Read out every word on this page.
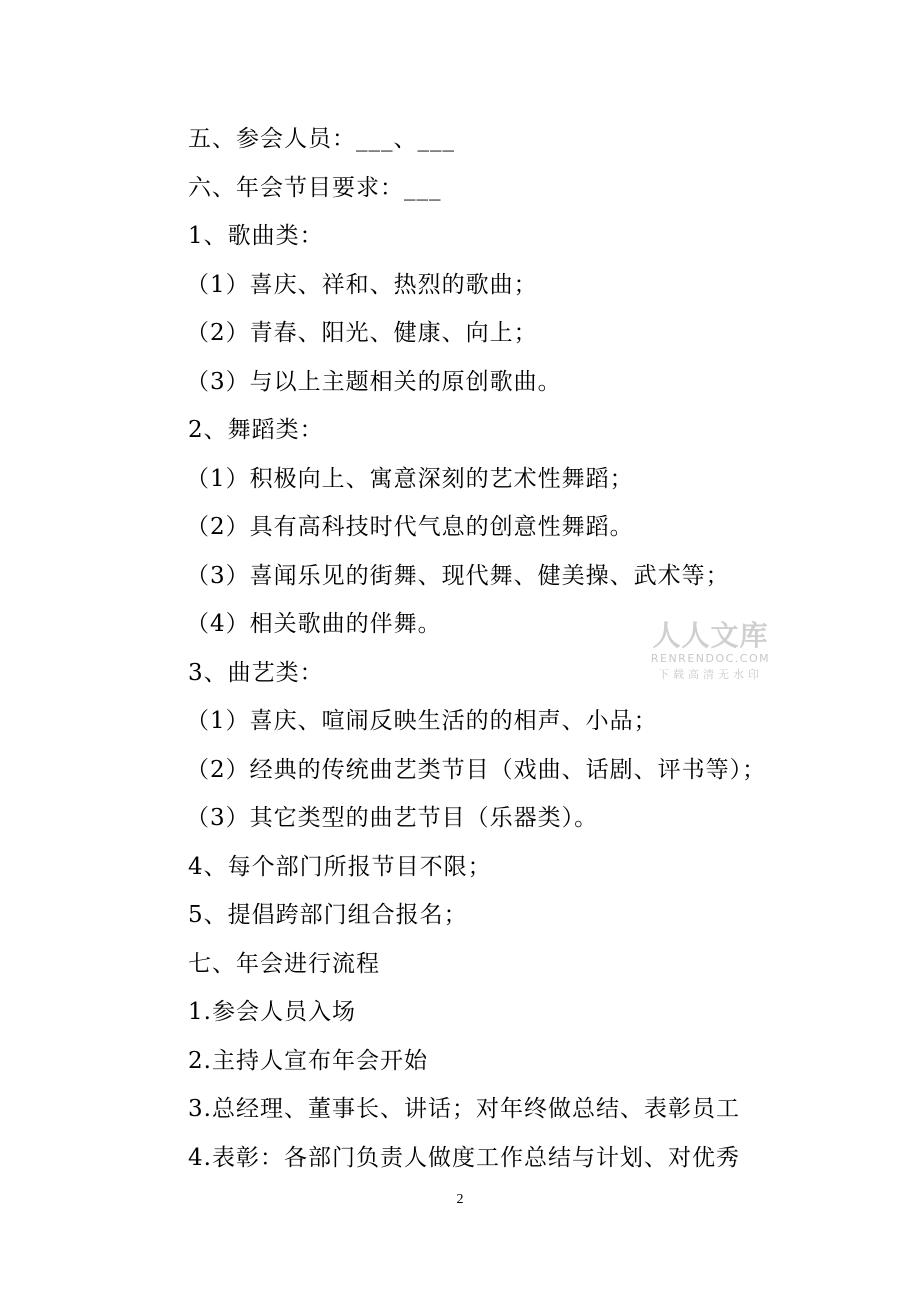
五、参会人员：___、___
六、年会节目要求：___
1、歌曲类：
（1）喜庆、祥和、热烈的歌曲；
（2）青春、阳光、健康、向上；
（3）与以上主题相关的原创歌曲。
2、舞蹈类：
（1）积极向上、寓意深刻的艺术性舞蹈；
（2）具有高科技时代气息的创意性舞蹈。
（3）喜闻乐见的街舞、现代舞、健美操、武术等；
（4）相关歌曲的伴舞。
3、曲艺类：
（1）喜庆、喧闹反映生活的的相声、小品；
（2）经典的传统曲艺类节目（戏曲、话剧、评书等）；
（3）其它类型的曲艺节目（乐器类）。
4、每个部门所报节目不限；
5、提倡跨部门组合报名；
七、年会进行流程
1.参会人员入场
2.主持人宣布年会开始
3.总经理、董事长、讲话；对年终做总结、表彰员工
4.表彰：各部门负责人做度工作总结与计划、对优秀
人人文库
RENRENDOC.COM
下载高清无水印
2
